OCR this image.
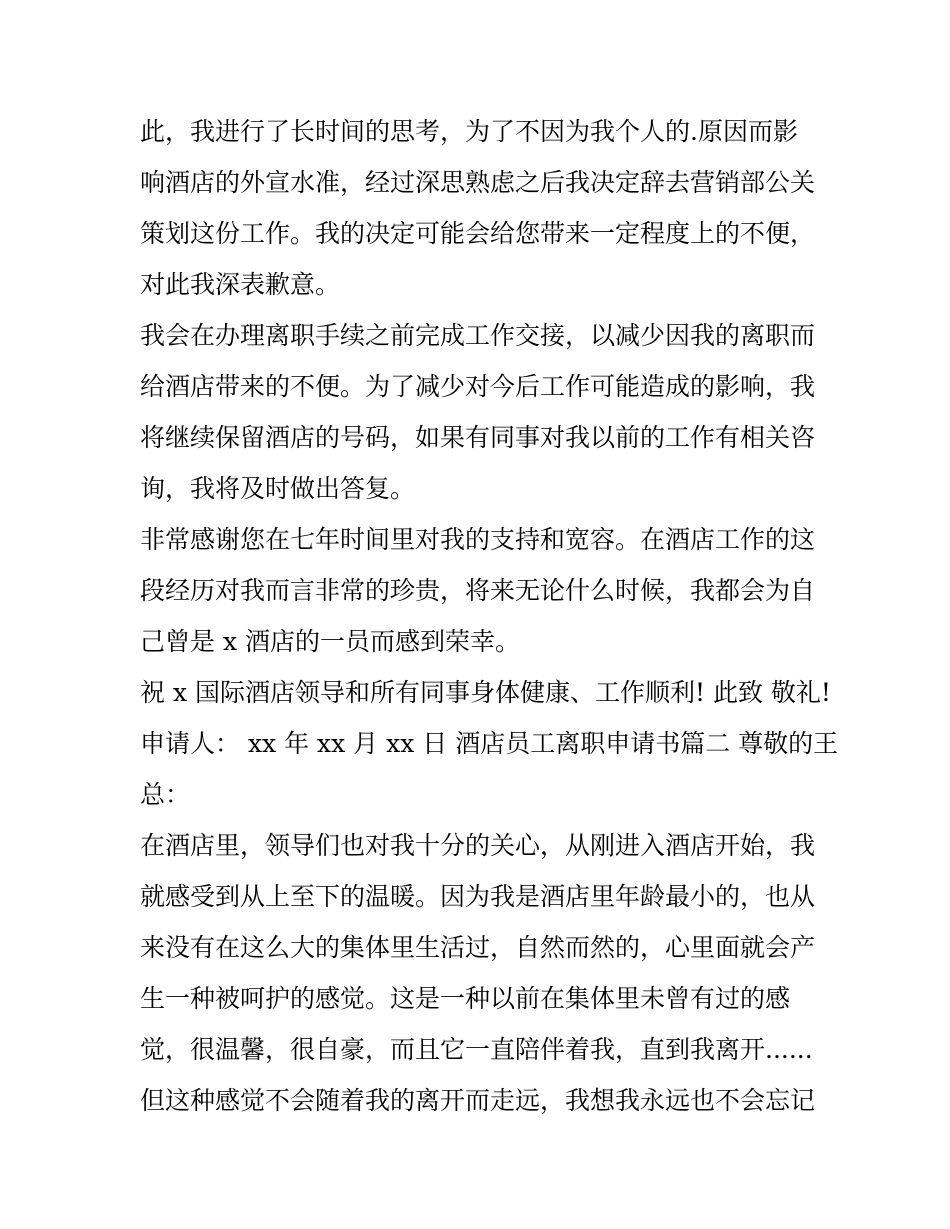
此，我进行了长时间的思考，为了不因为我个人的.原因而影
响酒店的外宣水准，经过深思熟虑之后我决定辞去营销部公关
策划这份工作。我的决定可能会给您带来一定程度上的不便，
对此我深表歉意。
我会在办理离职手续之前完成工作交接，以减少因我的离职而
给酒店带来的不便。为了减少对今后工作可能造成的影响，我
将继续保留酒店的号码，如果有同事对我以前的工作有相关咨
询，我将及时做出答复。
非常感谢您在七年时间里对我的支持和宽容。在酒店工作的这
段经历对我而言非常的珍贵，将来无论什么时候，我都会为自
己曾是 x 酒店的一员而感到荣幸。
祝 x 国际酒店领导和所有同事身体健康、工作顺利! 此致 敬礼!
申请人： xx 年 xx 月 xx 日 酒店员工离职申请书篇二 尊敬的王
总：
在酒店里，领导们也对我十分的关心，从刚进入酒店开始，我
就感受到从上至下的温暖。因为我是酒店里年龄最小的，也从
来没有在这么大的集体里生活过，自然而然的，心里面就会产
生一种被呵护的感觉。这是一种以前在集体里未曾有过的感
觉，很温馨，很自豪，而且它一直陪伴着我，直到我离开......
但这种感觉不会随着我的离开而走远，我想我永远也不会忘记
